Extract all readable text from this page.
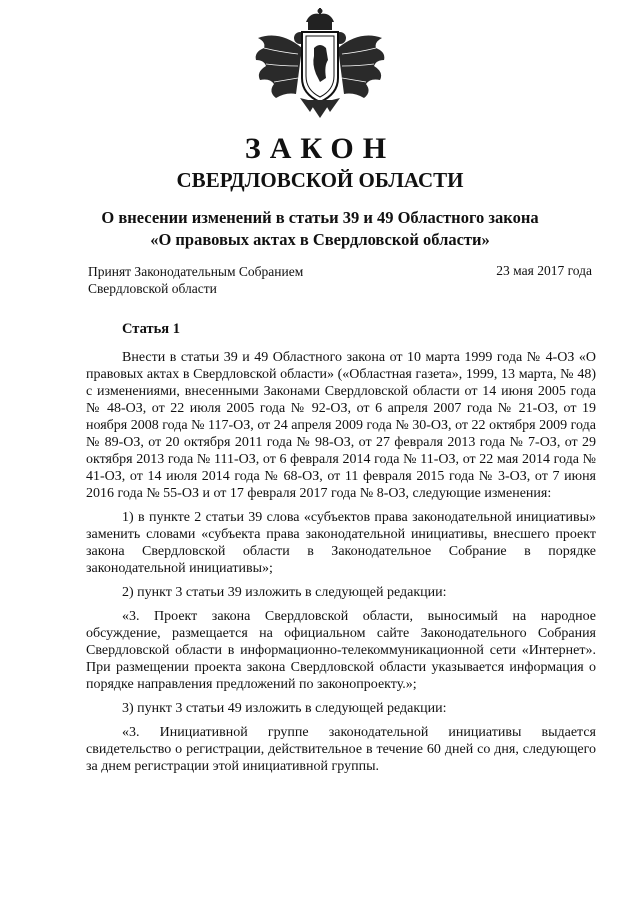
ЗАКОН
СВЕРДЛОВСКОЙ ОБЛАСТИ
О внесении изменений в статьи 39 и 49 Областного закона
«О правовых актах в Свердловской области»
Принят Законодательным Собранием
Свердловской области
23 мая 2017 года
Статья 1

Внести в статьи 39 и 49 Областного закона от 10 марта 1999 года № 4-ОЗ «О правовых актах в Свердловской области» («Областная газета», 1999, 13 марта, № 48) с изменениями, внесенными Законами Свердловской области от 14 июня 2005 года № 48-ОЗ, от 22 июля 2005 года № 92-ОЗ, от 6 апреля 2007 года № 21-ОЗ, от 19 ноября 2008 года № 117-ОЗ, от 24 апреля 2009 года № 30-ОЗ, от 22 октября 2009 года № 89-ОЗ, от 20 октября 2011 года № 98-ОЗ, от 27 февраля 2013 года № 7-ОЗ, от 29 октября 2013 года № 111-ОЗ, от 6 февраля 2014 года № 11-ОЗ, от 22 мая 2014 года № 41-ОЗ, от 14 июля 2014 года № 68-ОЗ, от 11 февраля 2015 года № 3-ОЗ, от 7 июня 2016 года № 55-ОЗ и от 17 февраля 2017 года № 8-ОЗ, следующие изменения:

1) в пункте 2 статьи 39 слова «субъектов права законодательной инициативы» заменить словами «субъекта права законодательной инициативы, внесшего проект закона Свердловской области в Законодательное Собрание в порядке законодательной инициативы»;

2) пункт 3 статьи 39 изложить в следующей редакции:

«3. Проект закона Свердловской области, выносимый на народное обсуждение, размещается на официальном сайте Законодательного Собрания Свердловской области в информационно-телекоммуникационной сети «Интернет». При размещении проекта закона Свердловской области указывается информация о порядке направления предложений по законопроекту.»;

3) пункт 3 статьи 49 изложить в следующей редакции:

«3. Инициативной группе законодательной инициативы выдается свидетельство о регистрации, действительное в течение 60 дней со дня, следующего за днем регистрации этой инициативной группы.
